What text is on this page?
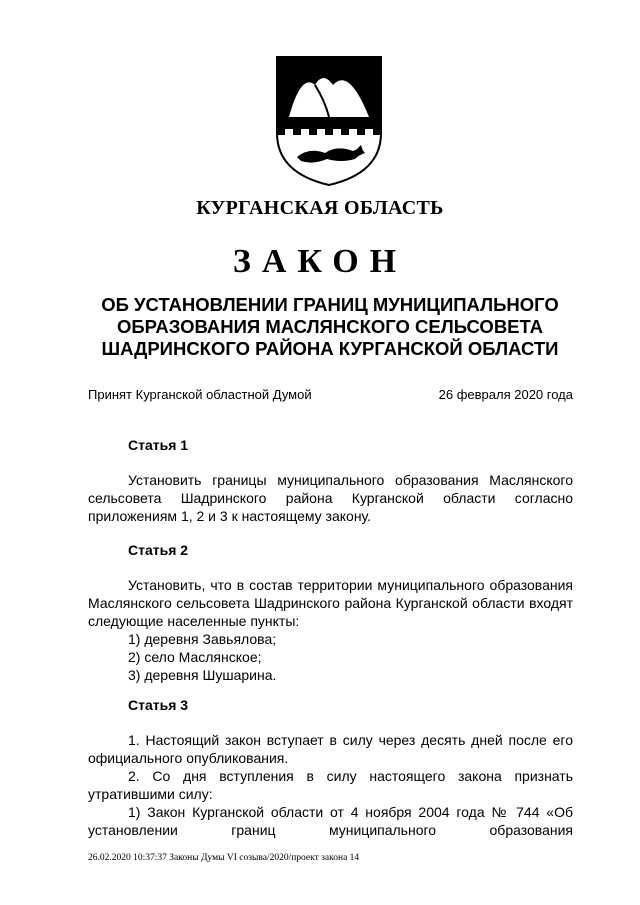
КУРГАНСКАЯ ОБЛАСТЬ
ЗАКОН
ОБ УСТАНОВЛЕНИИ ГРАНИЦ МУНИЦИПАЛЬНОГО
ОБРАЗОВАНИЯ МАСЛЯНСКОГО СЕЛЬСОВЕТА
ШАДРИНСКОГО РАЙОНА КУРГАНСКОЙ ОБЛАСТИ
Принят Курганской областной Думой	26 февраля 2020 года
Статья 1
Установить границы муниципального образования Маслянского сельсовета Шадринского района Курганской области согласно приложениям 1, 2 и 3 к настоящему закону.
Статья 2
Установить, что в состав территории муниципального образования Маслянского сельсовета Шадринского района Курганской области входят следующие населенные пункты:
1) деревня Завьялова;
2) село Маслянское;
3) деревня Шушарина.
Статья 3
1. Настоящий закон вступает в силу через десять дней после его официального опубликования.
2. Со дня вступления в силу настоящего закона признать утратившими силу:
1) Закон Курганской области от 4 ноября 2004 года № 744 «Об установлении границ муниципального образования
26.02.2020 10:37:37 Законы Думы VI созыва/2020/проект закона 14
